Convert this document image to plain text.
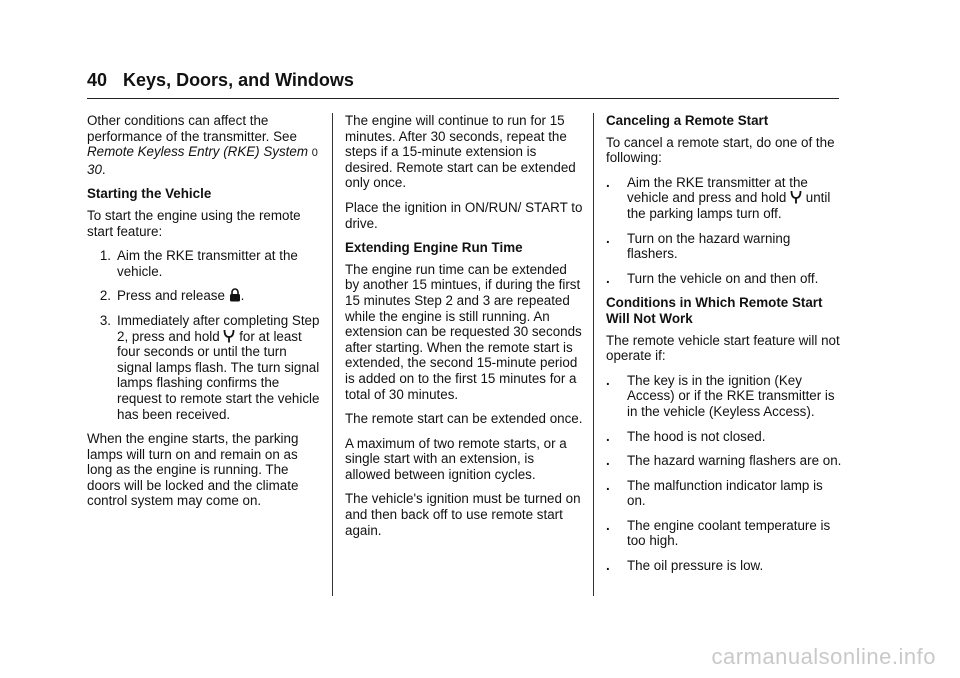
40 Keys, Doors, and Windows

Other conditions can affect the performance of the transmitter. See Remote Keyless Entry (RKE) System 0 30.

Starting the Vehicle

To start the engine using the remote start feature:

1. Aim the RKE transmitter at the vehicle.
2. Press and release .
3. Immediately after completing Step 2, press and hold for at least four seconds or until the turn signal lamps flash. The turn signal lamps flashing confirms the request to remote start the vehicle has been received.

When the engine starts, the parking lamps will turn on and remain on as long as the engine is running. The doors will be locked and the climate control system may come on.

The engine will continue to run for 15 minutes. After 30 seconds, repeat the steps if a 15-minute extension is desired. Remote start can be extended only once.

Place the ignition in ON/RUN/ START to drive.

Extending Engine Run Time

The engine run time can be extended by another 15 mintues, if during the first 15 minutes Step 2 and 3 are repeated while the engine is still running. An extension can be requested 30 seconds after starting. When the remote start is extended, the second 15-minute period is added on to the first 15 minutes for a total of 30 minutes.

The remote start can be extended once.

A maximum of two remote starts, or a single start with an extension, is allowed between ignition cycles.

The vehicle's ignition must be turned on and then back off to use remote start again.

Canceling a Remote Start

To cancel a remote start, do one of the following:

.	Aim the RKE transmitter at the vehicle and press and hold until the parking lamps turn off.
.	Turn on the hazard warning flashers.
.	Turn the vehicle on and then off.

Conditions in Which Remote Start Will Not Work

The remote vehicle start feature will not operate if:

.	The key is in the ignition (Key Access) or if the RKE transmitter is in the vehicle (Keyless Access).
.	The hood is not closed.
.	The hazard warning flashers are on.
.	The malfunction indicator lamp is on.
.	The engine coolant temperature is too high.
.	The oil pressure is low.
carmanualsonline.info
